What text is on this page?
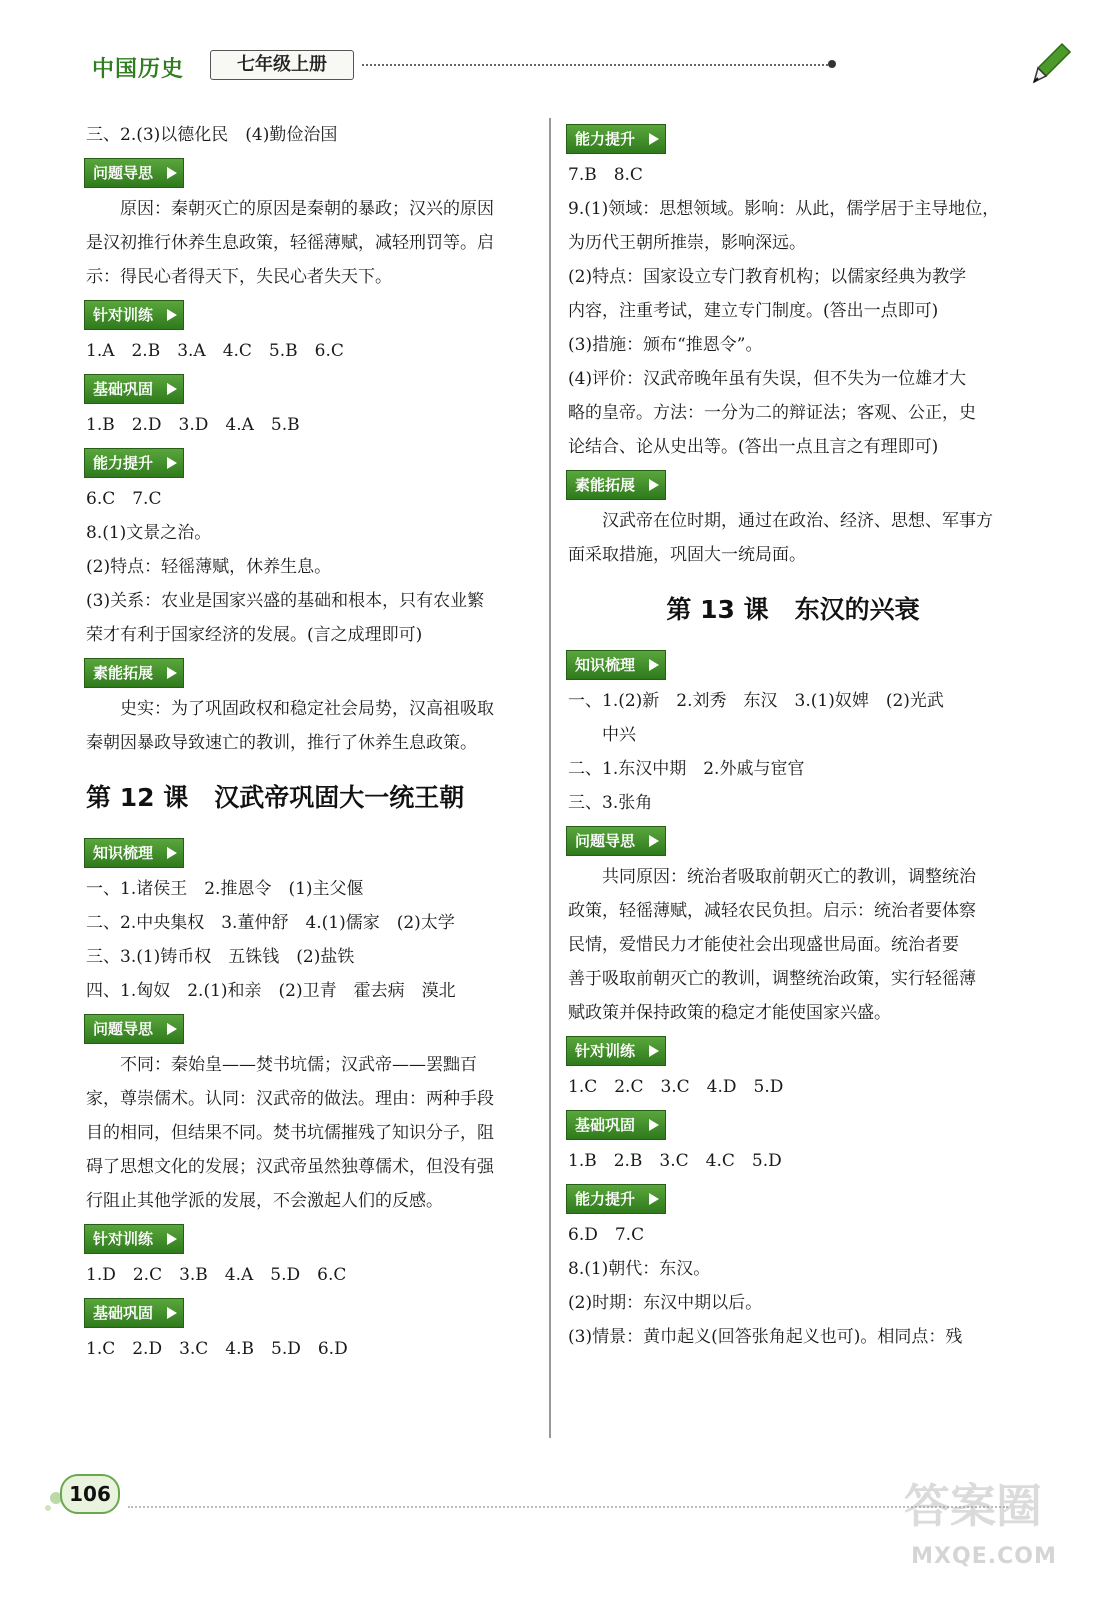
中国历史	七年级上册
三、2.(3)以德化民　(4)勤俭治国
问题导思
原因：秦朝灭亡的原因是秦朝的暴政；汉兴的原因
是汉初推行休养生息政策，轻徭薄赋，减轻刑罚等。启
示：得民心者得天下，失民心者失天下。
针对训练
1.A　2.B　3.A　4.C　5.B　6.C
基础巩固
1.B　2.D　3.D　4.A　5.B
能力提升
6.C　7.C
8.(1)文景之治。
(2)特点：轻徭薄赋，休养生息。
(3)关系：农业是国家兴盛的基础和根本，只有农业繁
荣才有利于国家经济的发展。(言之成理即可)
素能拓展
史实：为了巩固政权和稳定社会局势，汉高祖吸取
秦朝因暴政导致速亡的教训，推行了休养生息政策。
第 12 课 汉武帝巩固大一统王朝
知识梳理
一、1.诸侯王　2.推恩令　(1)主父偃
二、2.中央集权　3.董仲舒　4.(1)儒家　(2)太学
三、3.(1)铸币权　五铢钱　(2)盐铁
四、1.匈奴　2.(1)和亲　(2)卫青　霍去病　漠北
问题导思
不同：秦始皇——焚书坑儒；汉武帝——罢黜百
家，尊崇儒术。认同：汉武帝的做法。理由：两种手段
目的相同，但结果不同。焚书坑儒摧残了知识分子，阻
碍了思想文化的发展；汉武帝虽然独尊儒术，但没有强
行阻止其他学派的发展，不会激起人们的反感。
针对训练
1.D　2.C　3.B　4.A　5.D　6.C
基础巩固
1.C　2.D　3.C　4.B　5.D　6.D
能力提升
7.B　8.C
9.(1)领域：思想领域。影响：从此，儒学居于主导地位，
为历代王朝所推崇，影响深远。
(2)特点：国家设立专门教育机构；以儒家经典为教学
内容，注重考试，建立专门制度。(答出一点即可)
(3)措施：颁布“推恩令”。
(4)评价：汉武帝晚年虽有失误，但不失为一位雄才大
略的皇帝。方法：一分为二的辩证法；客观、公正，史
论结合、论从史出等。(答出一点且言之有理即可)
素能拓展
汉武帝在位时期，通过在政治、经济、思想、军事方
面采取措施，巩固大一统局面。
第 13 课 东汉的兴衰
知识梳理
一、1.(2)新　2.刘秀　东汉　3.(1)奴婢　(2)光武
中兴
二、1.东汉中期　2.外戚与宦官
三、3.张角
问题导思
共同原因：统治者吸取前朝灭亡的教训，调整统治
政策，轻徭薄赋，减轻农民负担。启示：统治者要体察
民情，爱惜民力才能使社会出现盛世局面。统治者要
善于吸取前朝灭亡的教训，调整统治政策，实行轻徭薄
赋政策并保持政策的稳定才能使国家兴盛。
针对训练
1.C　2.C　3.C　4.D　5.D
基础巩固
1.B　2.B　3.C　4.C　5.D
能力提升
6.D　7.C
8.(1)朝代：东汉。
(2)时期：东汉中期以后。
(3)情景：黄巾起义(回答张角起义也可)。相同点：残
106	答案圈
MXQE.COM
